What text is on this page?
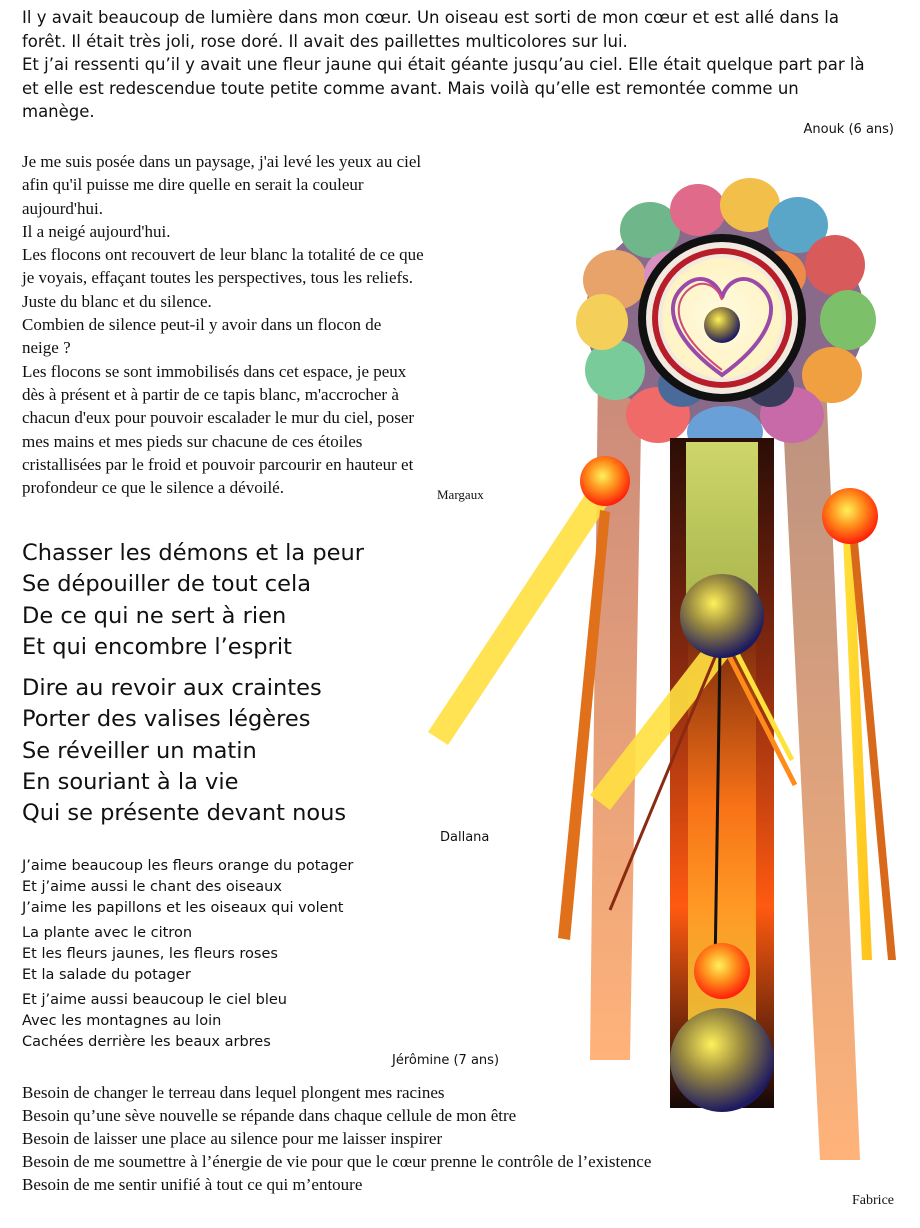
Il y avait beaucoup de lumière dans mon cœur. Un oiseau est sorti de mon cœur et est allé dans la
forêt. Il était très joli, rose doré. Il avait des paillettes multicolores sur lui.
Et j’ai ressenti qu’il y avait une fleur jaune qui était géante jusqu’au ciel. Elle était quelque part par là
et elle est redescendue toute petite comme avant. Mais voilà qu’elle est remontée comme un
manège.
Anouk (6 ans)
Je me suis posée dans un paysage, j'ai levé les yeux au ciel
afin qu'il puisse me dire quelle en serait la couleur
aujourd'hui.
Il a neigé aujourd'hui.
Les flocons ont recouvert de leur blanc la totalité de ce que
je voyais, effaçant toutes les perspectives, tous les reliefs.
Juste du blanc et du silence.
Combien de silence peut-il y avoir dans un flocon de
neige ?
Les flocons se sont immobilisés dans cet espace, je peux
dès à présent et à partir de ce tapis blanc, m'accrocher à
chacun d'eux pour pouvoir escalader le mur du ciel, poser
mes mains et mes pieds sur chacune de ces étoiles
cristallisées par le froid et pouvoir parcourir en hauteur et
profondeur ce que le silence a dévoilé.	Margaux
Chasser les démons et la peur
Se dépouiller de tout cela
De ce qui ne sert à rien
Et qui encombre l’esprit
Dire au revoir aux craintes
Porter des valises légères
Se réveiller un matin
En souriant à la vie
Qui se présente devant nous
Dallana
J’aime beaucoup les fleurs orange du potager
Et j’aime aussi le chant des oiseaux
J’aime les papillons et les oiseaux qui volent
La plante avec le citron
Et les fleurs jaunes, les fleurs roses
Et la salade du potager
Et j’aime aussi beaucoup le ciel bleu
Avec les montagnes au loin
Cachées derrière les beaux arbres
Jérômine (7 ans)
Besoin de changer le terreau dans lequel plongent mes racines
Besoin qu’une sève nouvelle se répande dans chaque cellule de mon être
Besoin de laisser une place au silence pour me laisser inspirer
Besoin de me soumettre à l’énergie de vie pour que le cœur prenne le contrôle de l’existence
Besoin de me sentir unifié à tout ce qui m’entoure
Fabrice
